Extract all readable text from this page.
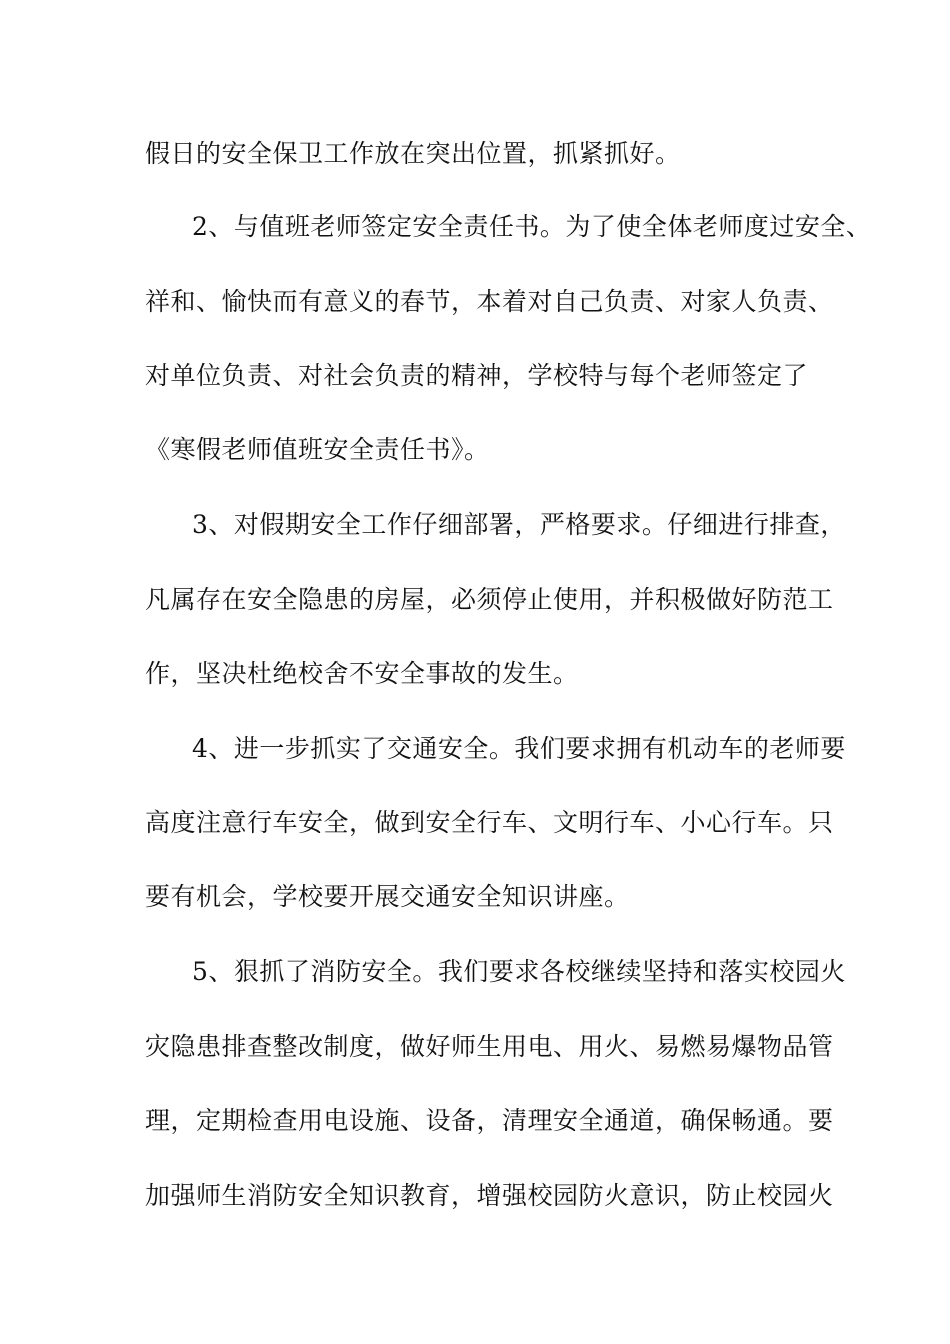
假日的安全保卫工作放在突出位置，抓紧抓好。
2、与值班老师签定安全责任书。为了使全体老师度过安全、
祥和、愉快而有意义的春节，本着对自己负责、对家人负责、
对单位负责、对社会负责的精神，学校特与每个老师签定了
《寒假老师值班安全责任书》。
3、对假期安全工作仔细部署，严格要求。仔细进行排查，
凡属存在安全隐患的房屋，必须停止使用，并积极做好防范工
作，坚决杜绝校舍不安全事故的发生。
4、进一步抓实了交通安全。我们要求拥有机动车的老师要
高度注意行车安全，做到安全行车、文明行车、小心行车。只
要有机会，学校要开展交通安全知识讲座。
5、狠抓了消防安全。我们要求各校继续坚持和落实校园火
灾隐患排查整改制度，做好师生用电、用火、易燃易爆物品管
理，定期检查用电设施、设备，清理安全通道，确保畅通。要
加强师生消防安全知识教育，增强校园防火意识，防止校园火
